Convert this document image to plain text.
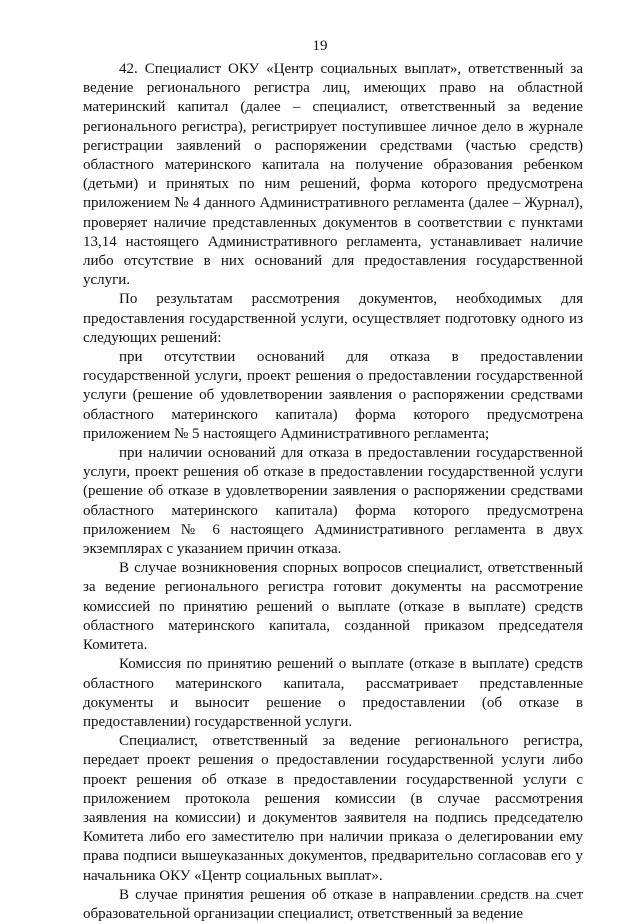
19

42. Специалист ОКУ «Центр социальных выплат», ответственный за ведение регионального регистра лиц, имеющих право на областной материнский капитал (далее – специалист, ответственный за ведение регионального регистра), регистрирует поступившее личное дело в журнале регистрации заявлений о распоряжении средствами (частью средств) областного материнского капитала на получение образования ребенком (детьми) и принятых по ним решений, форма которого предусмотрена приложением № 4 данного Административного регламента (далее – Журнал), проверяет наличие представленных документов в соответствии с пунктами 13,14 настоящего Административного регламента, устанавливает наличие либо отсутствие в них оснований для предоставления государственной услуги.

По результатам рассмотрения документов, необходимых для предоставления государственной услуги, осуществляет подготовку одного из следующих решений:

при отсутствии оснований для отказа в предоставлении государственной услуги, проект решения о предоставлении государственной услуги (решение об удовлетворении заявления о распоряжении средствами областного материнского капитала) форма которого предусмотрена приложением № 5 настоящего Административного регламента;

при наличии оснований для отказа в предоставлении государственной услуги, проект решения об отказе в предоставлении государственной услуги (решение об отказе в удовлетворении заявления о распоряжении средствами областного материнского капитала) форма которого предусмотрена приложением № 6 настоящего Административного регламента в двух экземплярах с указанием причин отказа.

В случае возникновения спорных вопросов специалист, ответственный за ведение регионального регистра готовит документы на рассмотрение комиссией по принятию решений о выплате (отказе в выплате) средств областного материнского капитала, созданной приказом председателя Комитета.

Комиссия по принятию решений о выплате (отказе в выплате) средств областного материнского капитала, рассматривает представленные документы и выносит решение о предоставлении (об отказе в предоставлении) государственной услуги.

Специалист, ответственный за ведение регионального регистра, передает проект решения о предоставлении государственной услуги либо проект решения об отказе в предоставлении государственной услуги с приложением протокола решения комиссии (в случае рассмотрения заявления на комиссии) и документов заявителя на подпись председателю Комитета либо его заместителю при наличии приказа о делегировании ему права подписи вышеуказанных документов, предварительно согласовав его у начальника ОКУ «Центр социальных выплат».

В случае принятия решения об отказе в направлении средств на счет образовательной организации специалист, ответственный за ведение
